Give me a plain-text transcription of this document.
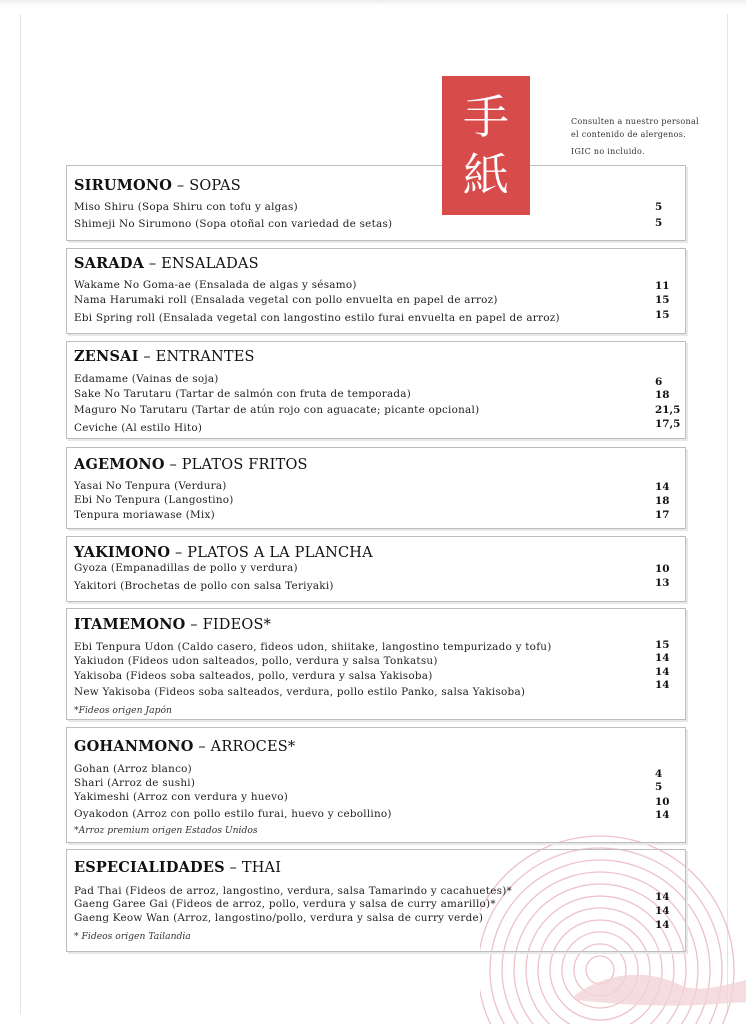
手
紙
Consulten a nuestro personal
el contenido de alergenos.
IGIC no incluido.
SIRUMONO – SOPAS
Miso Shiru (Sopa Shiru con tofu y algas)
Shimeji No Sirumono (Sopa otoñal con variedad de setas)
5
5
SARADA – ENSALADAS
Wakame No Goma-ae (Ensalada de algas y sésamo)
Nama Harumaki roll (Ensalada vegetal con pollo envuelta en papel de arroz)
Ebi Spring roll (Ensalada vegetal con langostino estilo furai envuelta en papel de arroz)
11
15
15
ZENSAI – ENTRANTES
Edamame (Vainas de soja)
Sake No Tarutaru (Tartar de salmón con fruta de temporada)
Maguro No Tarutaru (Tartar de atún rojo con aguacate; picante opcional)
Ceviche (Al estilo Hito)
6
18
21,5
17,5
AGEMONO – PLATOS FRITOS
Yasai No Tenpura (Verdura)
Ebi No Tenpura (Langostino)
Tenpura moriawase (Mix)
14
18
17
YAKIMONO – PLATOS A LA PLANCHA
Gyoza (Empanadillas de pollo y verdura)
Yakitori (Brochetas de pollo con salsa Teriyaki)
10
13
ITAMEMONO – FIDEOS*
Ebi Tenpura Udon (Caldo casero, fideos udon, shiitake, langostino tempurizado y tofu)
Yakiudon (Fideos udon salteados, pollo, verdura y salsa Tonkatsu)
Yakisoba (Fideos soba salteados, pollo, verdura y salsa Yakisoba)
New Yakisoba (Fideos soba salteados, verdura, pollo estilo Panko, salsa Yakisoba)
15
14
14
14
*Fideos origen Japón
GOHANMONO – ARROCES*
Gohan (Arroz blanco)
Shari (Arroz de sushi)
Yakimeshi (Arroz con verdura y huevo)
Oyakodon (Arroz con pollo estilo furai, huevo y cebollino)
4
5
10
14
*Arroz premium origen Estados Unidos
ESPECIALIDADES – THAI
Pad Thai (Fideos de arroz, langostino, verdura, salsa Tamarindo y cacahuetes)*
Gaeng Garee Gai (Fideos de arroz, pollo, verdura y salsa de curry amarillo)*
Gaeng Keow Wan (Arroz, langostino/pollo, verdura y salsa de curry verde)
14
14
14
* Fideos origen Tailandia
